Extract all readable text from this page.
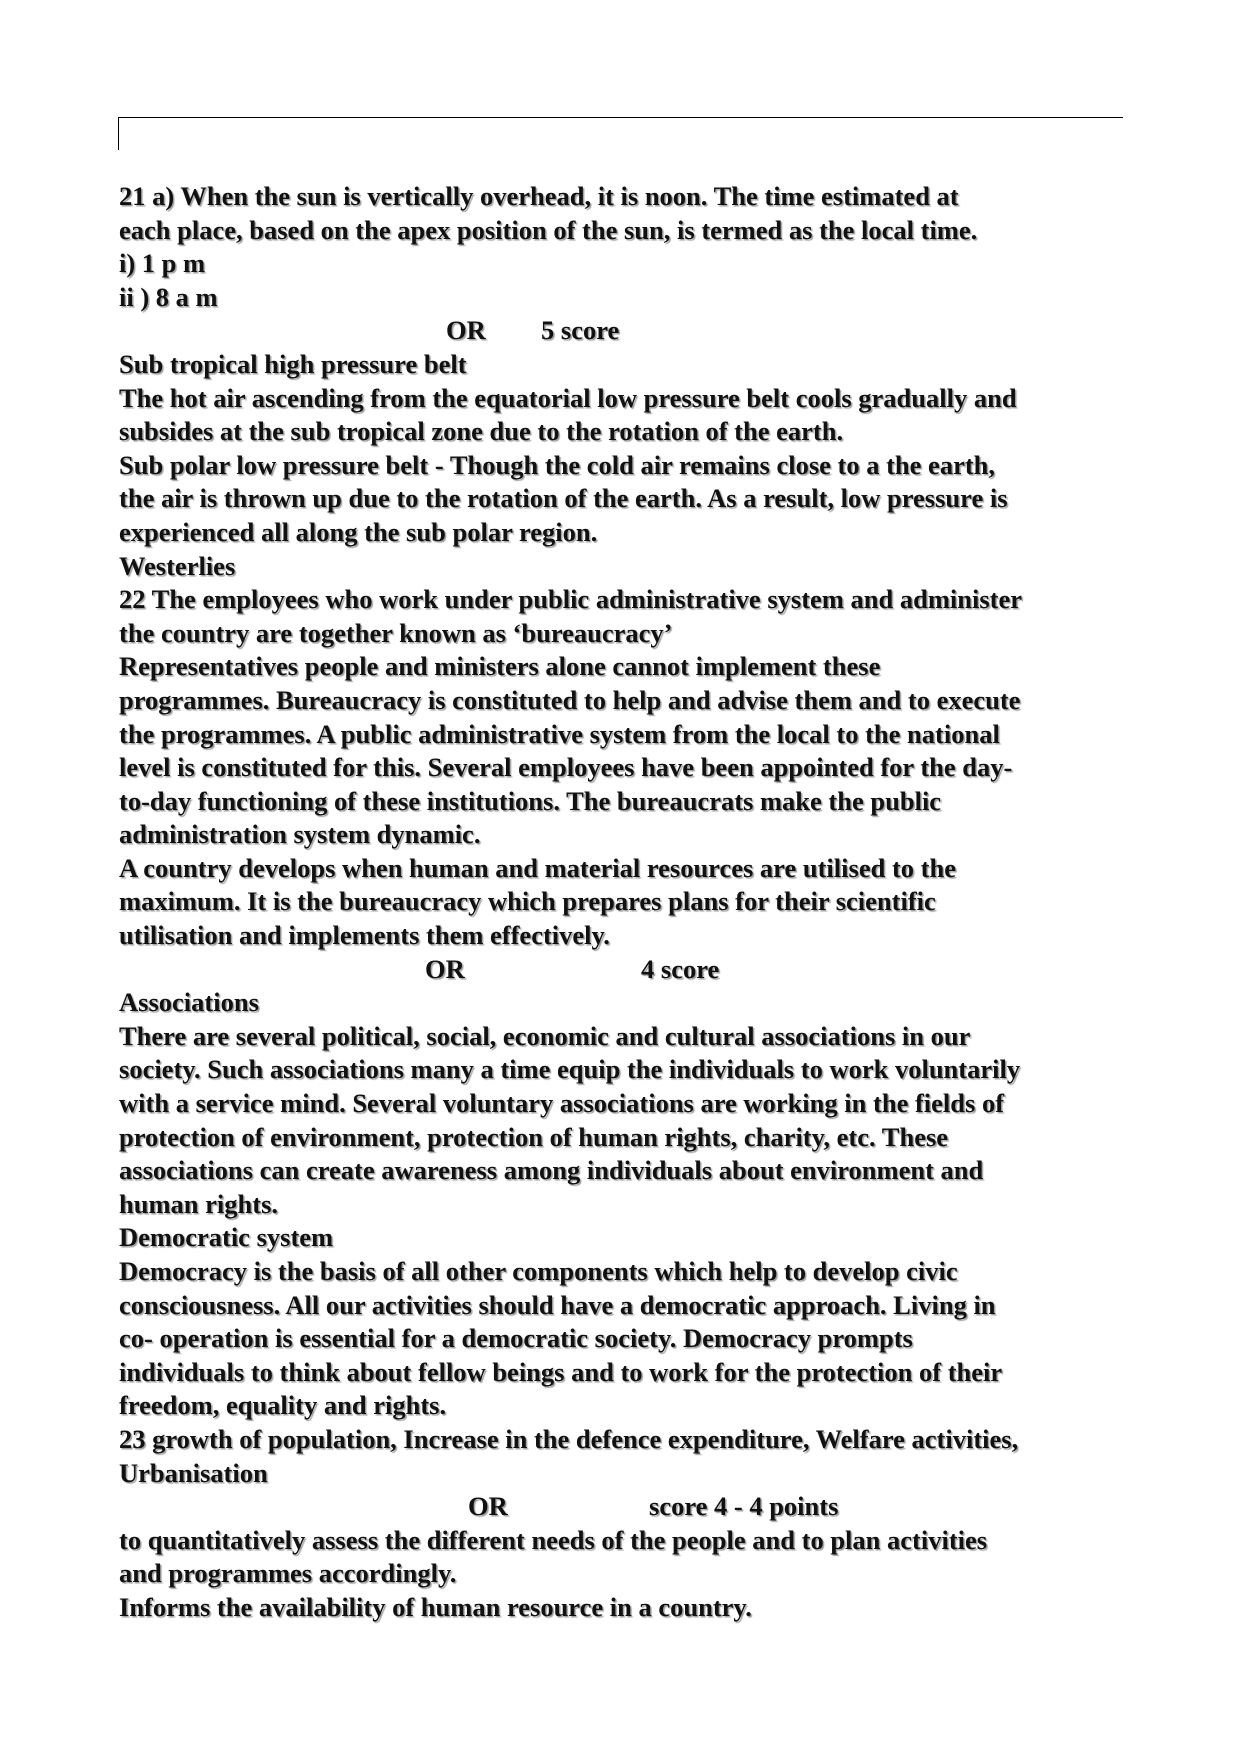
21 a) When the sun is vertically overhead, it is noon. The time estimated at
each place, based on the apex position of the sun, is termed as the local time.
i) 1 p m
ii ) 8 a m
OR 5 score
Sub tropical high pressure belt
The hot air ascending from the equatorial low pressure belt cools gradually and
subsides at the sub tropical zone due to the rotation of the earth.
Sub polar low pressure belt - Though the cold air remains close to a the earth,
the air is thrown up due to the rotation of the earth. As a result, low pressure is
experienced all along the sub polar region.
Westerlies
22 The employees who work under public administrative system and administer
the country are together known as ‘bureaucracy’
Representatives people and ministers alone cannot implement these
programmes. Bureaucracy is constituted to help and advise them and to execute
the programmes. A public administrative system from the local to the national
level is constituted for this. Several employees have been appointed for the day-
to-day functioning of these institutions. The bureaucrats make the public
administration system dynamic.
A country develops when human and material resources are utilised to the
maximum. It is the bureaucracy which prepares plans for their scientific
utilisation and implements them effectively.
OR	4 score
Associations
There are several political, social, economic and cultural associations in our
society. Such associations many a time equip the individuals to work voluntarily
with a service mind. Several voluntary associations are working in the fields of
protection of environment, protection of human rights, charity, etc. These
associations can create awareness among individuals about environment and
human rights.
Democratic system
Democracy is the basis of all other components which help to develop civic
consciousness. All our activities should have a democratic approach. Living in
co- operation is essential for a democratic society. Democracy prompts
individuals to think about fellow beings and to work for the protection of their
freedom, equality and rights.
23 growth of population, Increase in the defence expenditure, Welfare activities,
Urbanisation
OR	score 4 - 4 points
to quantitatively assess the different needs of the people and to plan activities
and programmes accordingly.
Informs the availability of human resource in a country.
